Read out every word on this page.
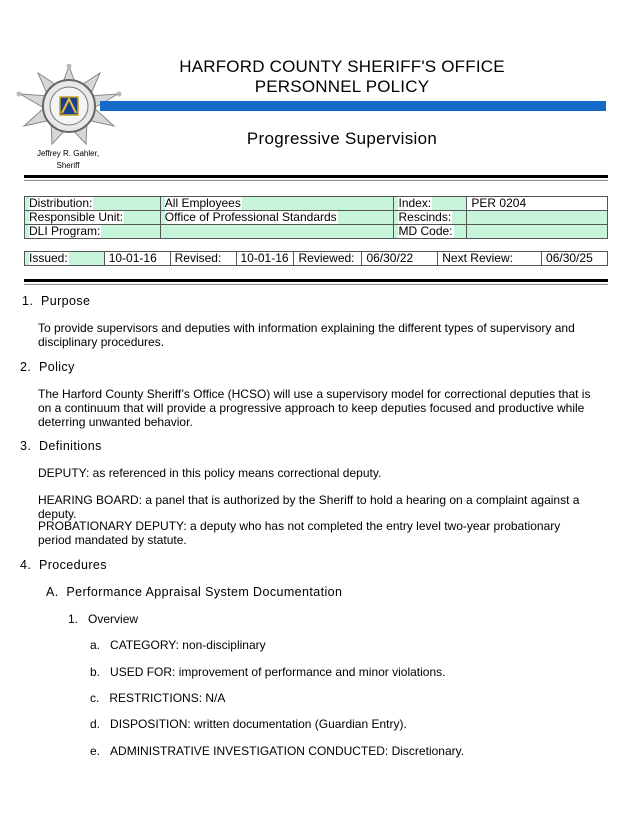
Jeffrey R. Gahler,
Sheriff
HARFORD COUNTY SHERIFF'S OFFICE
PERSONNEL POLICY
Progressive Supervision
Distribution:	All Employees	Index:	PER 0204
Responsible Unit:	Office of Professional Standards	Rescinds:	
DLI Program:		MD Code:	
Issued:	10-01-16	Revised:	10-01-16	Reviewed:	06/30/22	Next Review:	06/30/25
1. Purpose
To provide supervisors and deputies with information explaining the different types of supervisory and disciplinary procedures.
2. Policy
The Harford County Sheriff’s Office (HCSO) will use a supervisory model for correctional deputies that is on a continuum that will provide a progressive approach to keep deputies focused and productive while deterring unwanted behavior.
3. Definitions
DEPUTY: as referenced in this policy means correctional deputy.
HEARING BOARD: a panel that is authorized by the Sheriff to hold a hearing on a complaint against a deputy.
PROBATIONARY DEPUTY: a deputy who has not completed the entry level two-year probationary period mandated by statute.
4. Procedures
A. Performance Appraisal System Documentation
1. Overview
a. CATEGORY: non-disciplinary
b. USED FOR: improvement of performance and minor violations.
c. RESTRICTIONS: N/A
d. DISPOSITION: written documentation (Guardian Entry).
e. ADMINISTRATIVE INVESTIGATION CONDUCTED: Discretionary.
